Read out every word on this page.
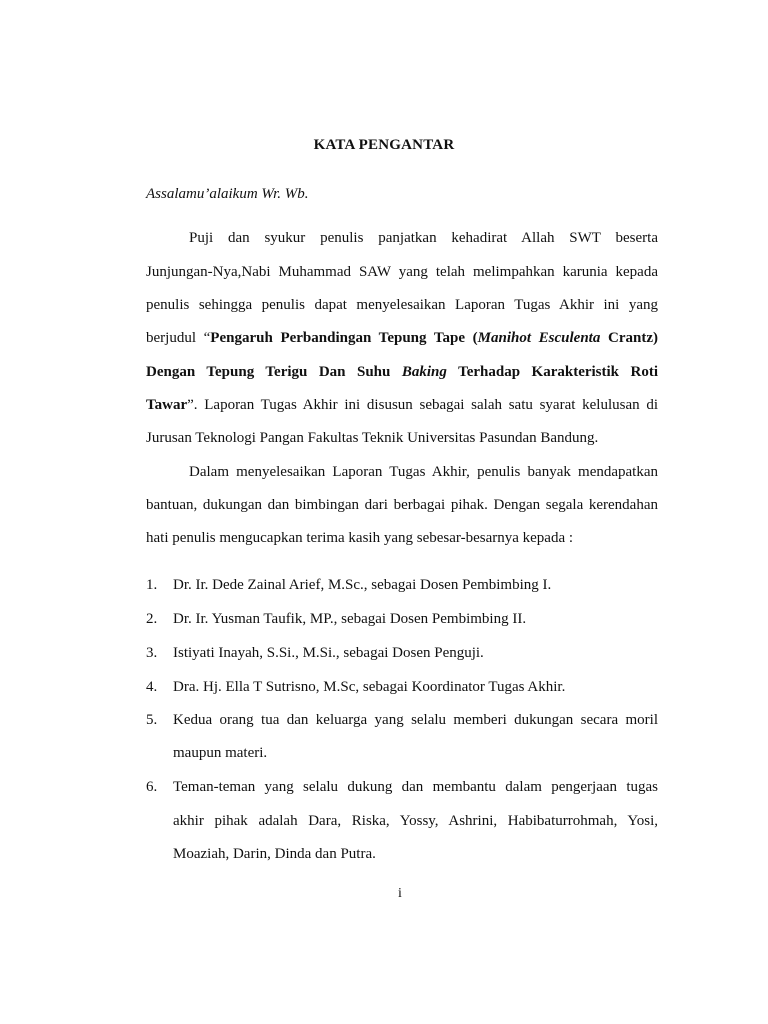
KATA PENGANTAR
Assalamu’alaikum Wr. Wb.
Puji dan syukur penulis panjatkan kehadirat Allah SWT beserta
Junjungan-Nya,Nabi Muhammad SAW yang telah melimpahkan karunia kepada
penulis sehingga penulis dapat menyelesaikan Laporan Tugas Akhir ini yang
berjudul “Pengaruh Perbandingan Tepung Tape (Manihot Esculenta Crantz)
Dengan Tepung Terigu Dan Suhu Baking Terhadap Karakteristik Roti
Tawar”. Laporan Tugas Akhir ini disusun sebagai salah satu syarat kelulusan di
Jurusan Teknologi Pangan Fakultas Teknik Universitas Pasundan Bandung.
Dalam menyelesaikan Laporan Tugas Akhir, penulis banyak mendapatkan
bantuan, dukungan dan bimbingan dari berbagai pihak. Dengan segala kerendahan
hati penulis mengucapkan terima kasih yang sebesar-besarnya kepada :
1. Dr. Ir. Dede Zainal Arief, M.Sc., sebagai Dosen Pembimbing I.
2. Dr. Ir. Yusman Taufik, MP., sebagai Dosen Pembimbing II.
3. Istiyati Inayah, S.Si., M.Si., sebagai Dosen Penguji.
4. Dra. Hj. Ella T Sutrisno, M.Sc, sebagai Koordinator Tugas Akhir.
5. Kedua orang tua dan keluarga yang selalu memberi dukungan secara moril
maupun materi.
6. Teman-teman yang selalu dukung dan membantu dalam pengerjaan tugas
akhir pihak adalah Dara, Riska, Yossy, Ashrini, Habibaturrohmah, Yosi,
Moaziah, Darin, Dinda dan Putra.
i
